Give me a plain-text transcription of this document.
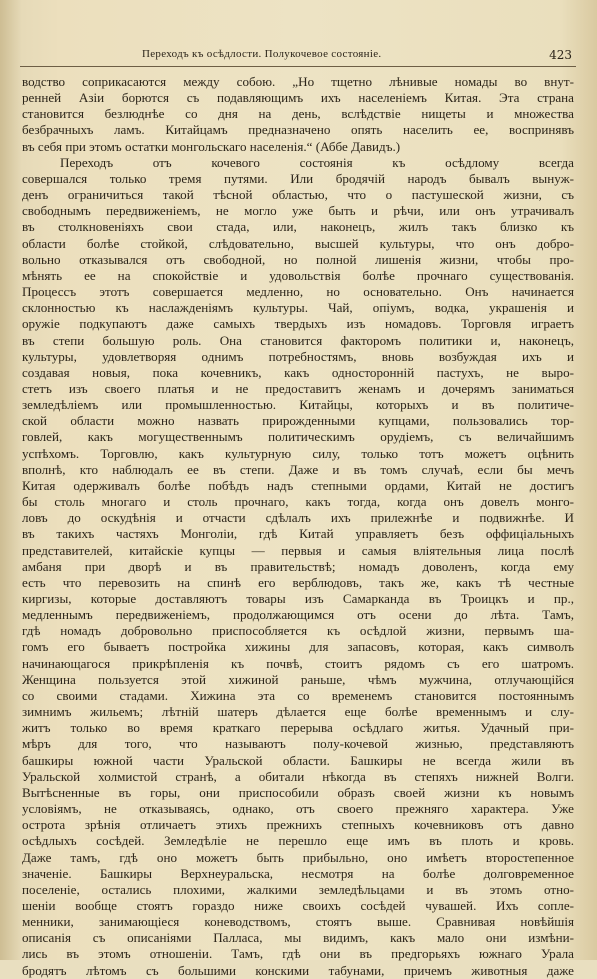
Переходъ къ осѣдлости. Полукочевое состояніе.	423
водство соприкасаются между собою. „Но тщетно лѣнивые номады во внут-
ренней Азіи борются съ подавляющимъ ихъ населеніемъ Китая. Эта страна
становится безлюднѣе со дня на день, вслѣдствіе нищеты и множества
безбрачныхъ ламъ. Китайцамъ предназначено опять населить ее, воспринявъ
въ себя при этомъ остатки монгольскаго населенія.“ (Аббе Давидъ.)
Переходъ отъ кочевого состоянія къ осѣдлому всегда
совершался только тремя путями. Или бродячій народъ бывалъ вынуж-
денъ ограничиться такой тѣсной областью, что о пастушеской жизни, съ
свободнымъ передвиженіемъ, не могло уже быть и рѣчи, или онъ утрачивалъ
въ столкновеніяхъ свои стада, или, наконецъ, жилъ такъ близко къ
области болѣе стойкой, слѣдовательно, высшей культуры, что онъ добро-
вольно отказывался отъ свободной, но полной лишенія жизни, чтобы про-
мѣнять ее на спокойствіе и удовольствія болѣе прочнаго существованія.
Процессъ этотъ совершается медленно, но основательно. Онъ начинается
склонностью къ наслажденіямъ культуры. Чай, опіумъ, водка, украшенія и
оружіе подкупаютъ даже самыхъ твердыхъ изъ номадовъ. Торговля играетъ
въ степи большую роль. Она становится факторомъ политики и, наконецъ,
культуры, удовлетворяя однимъ потребностямъ, вновь возбуждая ихъ и
создавая новыя, пока кочевникъ, какъ односторонній пастухъ, не выро-
стетъ изъ своего платья и не предоставитъ женамъ и дочерямъ заниматься
земледѣліемъ или промышленностью. Китайцы, которыхъ и въ политиче-
ской области можно назвать прирожденными купцами, пользовались тор-
говлей, какъ могущественнымъ политическимъ орудіемъ, съ величайшимъ
успѣхомъ. Торговлю, какъ культурную силу, только тотъ можетъ оцѣнить
вполнѣ, кто наблюдалъ ее въ степи. Даже и въ томъ случаѣ, если бы мечъ
Китая одерживалъ болѣе побѣдъ надъ степными ордами, Китай не достигъ
бы столь многаго и столь прочнаго, какъ тогда, когда онъ довелъ монго-
ловъ до оскудѣнія и отчасти сдѣлалъ ихъ прилежнѣе и подвижнѣе. И
въ такихъ частяхъ Монголіи, гдѣ Китай управляетъ безъ оффиціальныхъ
представителей, китайскіе купцы — первыя и самыя вліятельныя лица послѣ
амбаня при дворѣ и въ правительствѣ; номадъ доволенъ, когда ему
есть что перевозить на спинѣ его верблюдовъ, такъ же, какъ тѣ честные
киргизы, которые доставляютъ товары изъ Самарканда въ Троицкъ и пр.,
медленнымъ передвиженіемъ, продолжающимся отъ осени до лѣта. Тамъ,
гдѣ номадъ добровольно приспособляется къ осѣдлой жизни, первымъ ша-
гомъ его бываетъ постройка хижины для запасовъ, которая, какъ символъ
начинающагося прикрѣпленія къ почвѣ, стоитъ рядомъ съ его шатромъ.
Женщина пользуется этой хижиной раньше, чѣмъ мужчина, отлучающійся
со своими стадами. Хижина эта со временемъ становится постояннымъ
зимнимъ жильемъ; лѣтній шатеръ дѣлается еще болѣе временнымъ и слу-
житъ только во время краткаго перерыва осѣдлаго житья. Удачный при-
мѣръ для того, что называютъ полу-кочевой жизнью, представляютъ
башкиры южной части Уральской области. Башкиры не всегда жили въ
Уральской холмистой странѣ, а обитали нѣкогда въ степяхъ нижней Волги.
Вытѣсненные въ горы, они приспособили образъ своей жизни къ новымъ
условіямъ, не отказываясь, однако, отъ своего прежняго характера. Уже
острота зрѣнія отличаетъ этихъ прежнихъ степныхъ кочевниковъ отъ давно
осѣдлыхъ сосѣдей. Земледѣліе не перешло еще имъ въ плоть и кровь.
Даже тамъ, гдѣ оно можетъ быть прибыльно, оно имѣетъ второстепенное
значеніе. Башкиры Верхнеуральска, несмотря на болѣе долговременное
поселеніе, остались плохими, жалкими земледѣльцами и въ этомъ отно-
шеніи вообще стоятъ гораздо ниже своихъ сосѣдей чувашей. Ихъ сопле-
менники, занимающіеся коневодствомъ, стоятъ выше. Сравнивая новѣйшія
описанія съ описаніями Палласа, мы видимъ, какъ мало они измѣни-
лись въ этомъ отношеніи. Тамъ, гдѣ они въ предгорьяхъ южнаго Урала
бродятъ лѣтомъ съ большими конскими табунами, причемъ животныя даже
